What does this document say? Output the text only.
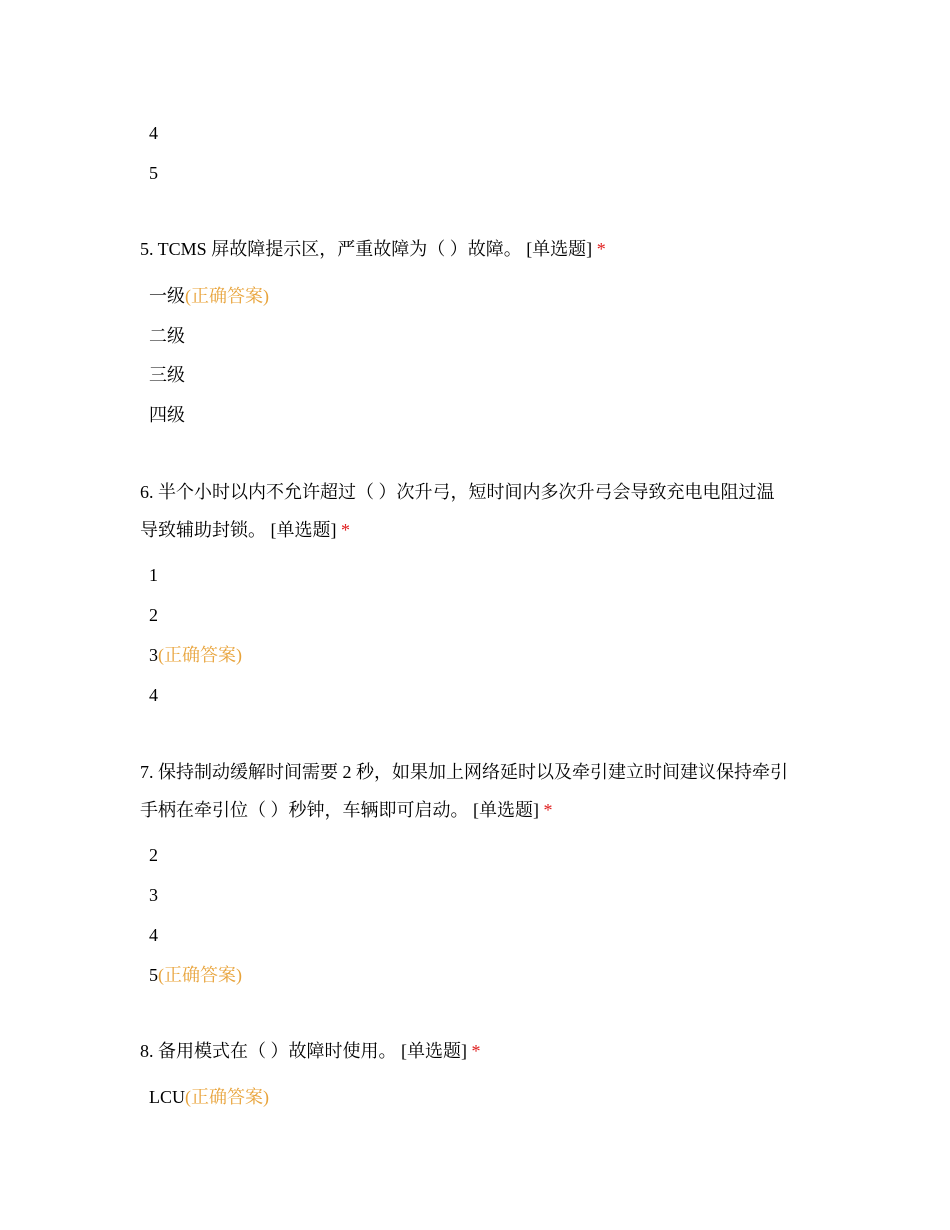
4
5
5. TCMS 屏故障提示区，严重故障为（ ）故障。 [单选题] *
一级(正确答案)
二级
三级
四级
6. 半个小时以内不允许超过（ ）次升弓，短时间内多次升弓会导致充电电阻过温
导致辅助封锁。 [单选题] *
1
2
3(正确答案)
4
7. 保持制动缓解时间需要 2 秒，如果加上网络延时以及牵引建立时间建议保持牵引
手柄在牵引位（ ）秒钟，车辆即可启动。 [单选题] *
2
3
4
5(正确答案)
8. 备用模式在（ ）故障时使用。 [单选题] *
LCU(正确答案)
